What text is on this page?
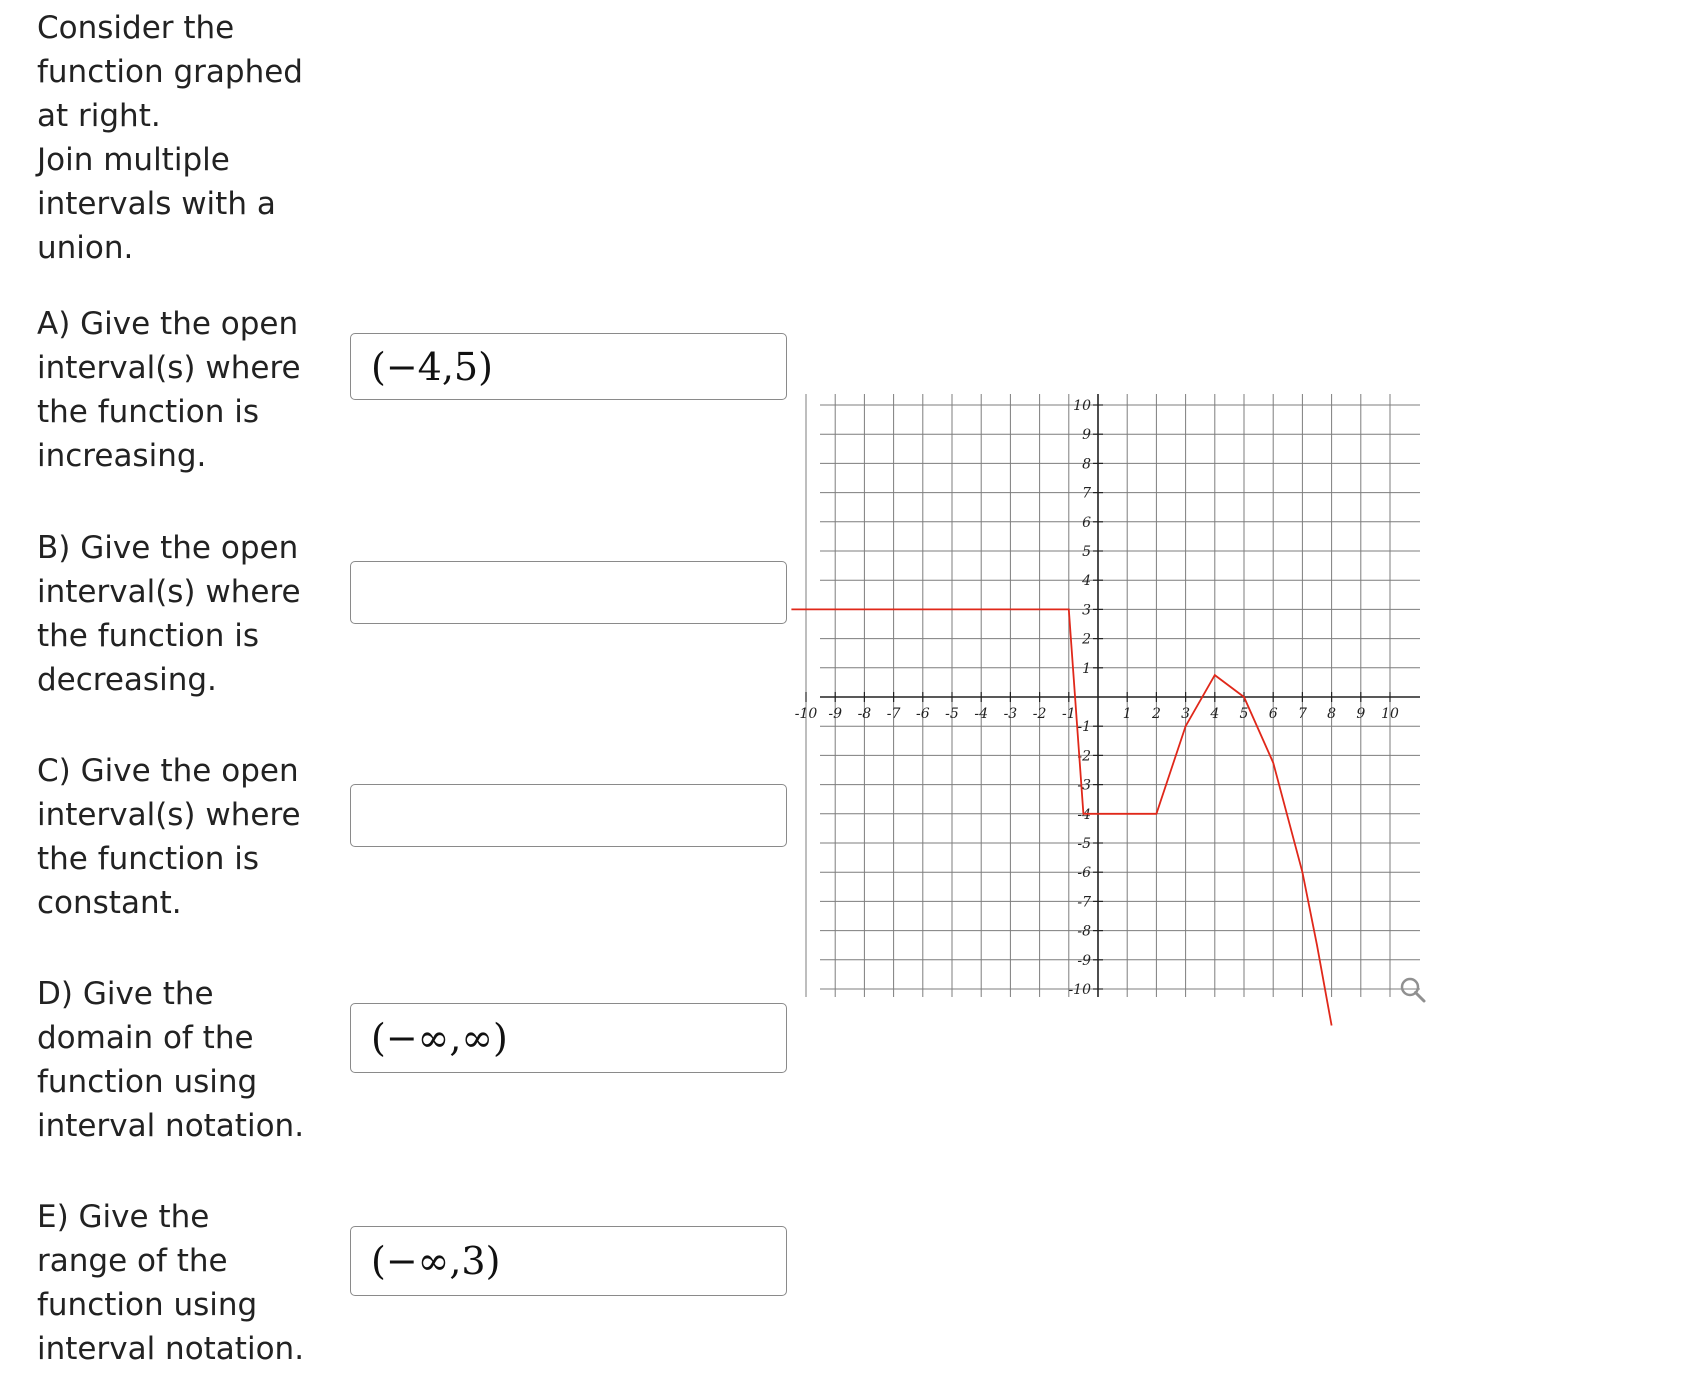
Consider the

function graphed

at right.

Join multiple

intervals with a

union.

A) Give the open interval(s) where the function is increasing.
(−4,5)
B) Give the open interval(s) where the function is decreasing.
C) Give the open interval(s) where the function is constant.
D) Give the domain of the function using interval notation.
(−∞,∞)
E) Give the range of the function using interval notation.
(−∞,3)
-10 -9 -8 -7 -6 -5 -4 -3 -2 -1	1 2 3 4 5 6 7 8 9 10
10
9
8
7
6
5
4
3
2
1
-1
-2
-3
-4
-5
-6
-7
-8
-9
-10
